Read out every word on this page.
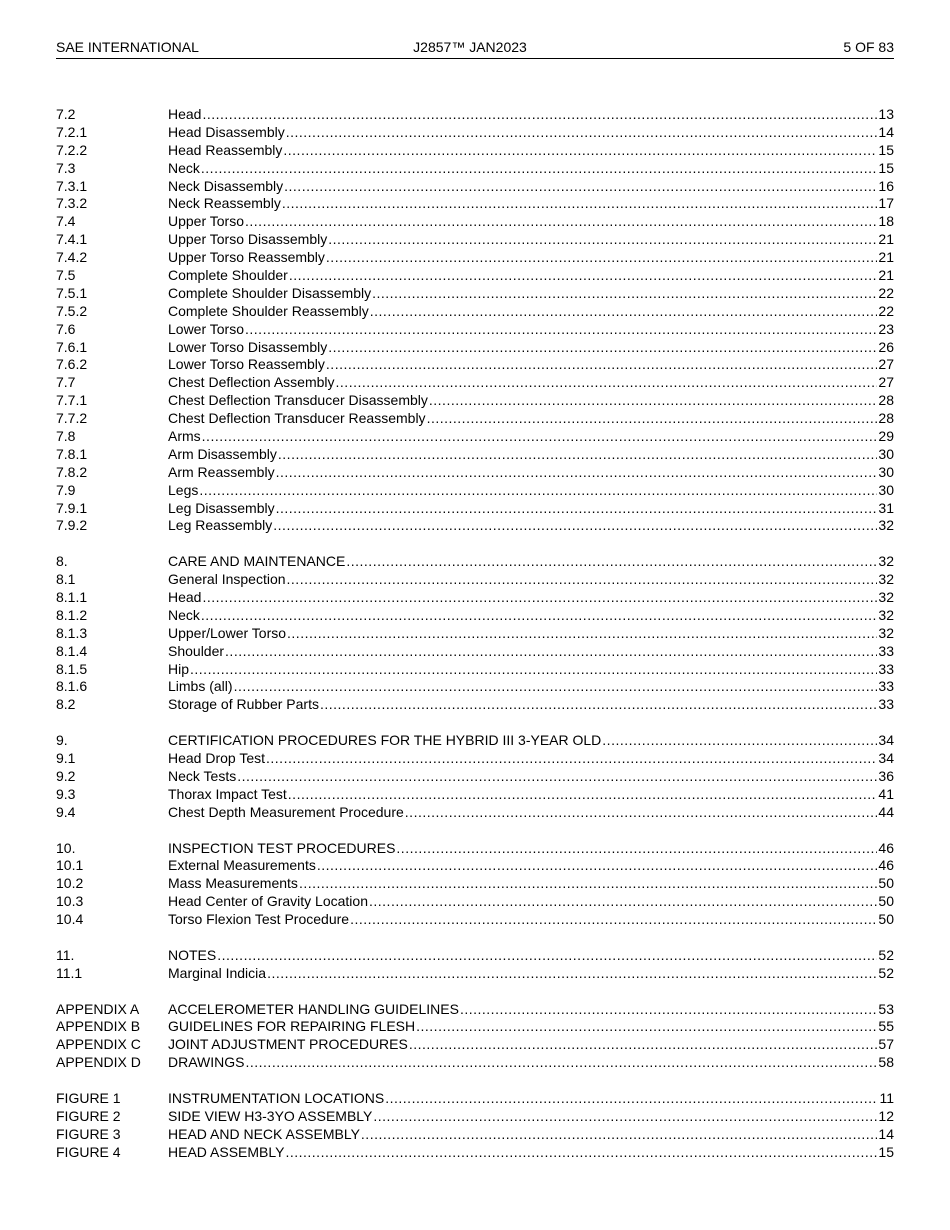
SAE INTERNATIONAL	J2857™ JAN2023	5 OF 83
7.2	Head .....	13
7.2.1	Head Disassembly .....	14
7.2.2	Head Reassembly .....	15
7.3	Neck .....	15
7.3.1	Neck Disassembly .....	16
7.3.2	Neck Reassembly .....	17
7.4	Upper Torso .....	18
7.4.1	Upper Torso Disassembly .....	21
7.4.2	Upper Torso Reassembly .....	21
7.5	Complete Shoulder .....	21
7.5.1	Complete Shoulder Disassembly .....	22
7.5.2	Complete Shoulder Reassembly .....	22
7.6	Lower Torso .....	23
7.6.1	Lower Torso Disassembly .....	26
7.6.2	Lower Torso Reassembly .....	27
7.7	Chest Deflection Assembly .....	27
7.7.1	Chest Deflection Transducer Disassembly .....	28
7.7.2	Chest Deflection Transducer Reassembly .....	28
7.8	Arms .....	29
7.8.1	Arm Disassembly .....	30
7.8.2	Arm Reassembly .....	30
7.9	Legs .....	30
7.9.1	Leg Disassembly .....	31
7.9.2	Leg Reassembly .....	32
8.	CARE AND MAINTENANCE .....	32
8.1	General Inspection .....	32
8.1.1	Head .....	32
8.1.2	Neck .....	32
8.1.3	Upper/Lower Torso .....	32
8.1.4	Shoulder .....	33
8.1.5	Hip .....	33
8.1.6	Limbs (all) .....	33
8.2	Storage of Rubber Parts .....	33
9.	CERTIFICATION PROCEDURES FOR THE HYBRID III 3-YEAR OLD .....	34
9.1	Head Drop Test .....	34
9.2	Neck Tests .....	36
9.3	Thorax Impact Test .....	41
9.4	Chest Depth Measurement Procedure .....	44
10.	INSPECTION TEST PROCEDURES .....	46
10.1	External Measurements .....	46
10.2	Mass Measurements .....	50
10.3	Head Center of Gravity Location .....	50
10.4	Torso Flexion Test Procedure .....	50
11.	NOTES .....	52
11.1	Marginal Indicia .....	52
APPENDIX A	ACCELEROMETER HANDLING GUIDELINES .....	53
APPENDIX B	GUIDELINES FOR REPAIRING FLESH .....	55
APPENDIX C	JOINT ADJUSTMENT PROCEDURES .....	57
APPENDIX D	DRAWINGS .....	58
FIGURE 1	INSTRUMENTATION LOCATIONS .....	11
FIGURE 2	SIDE VIEW H3-3YO ASSEMBLY .....	12
FIGURE 3	HEAD AND NECK ASSEMBLY .....	14
FIGURE 4	HEAD ASSEMBLY .....	15
